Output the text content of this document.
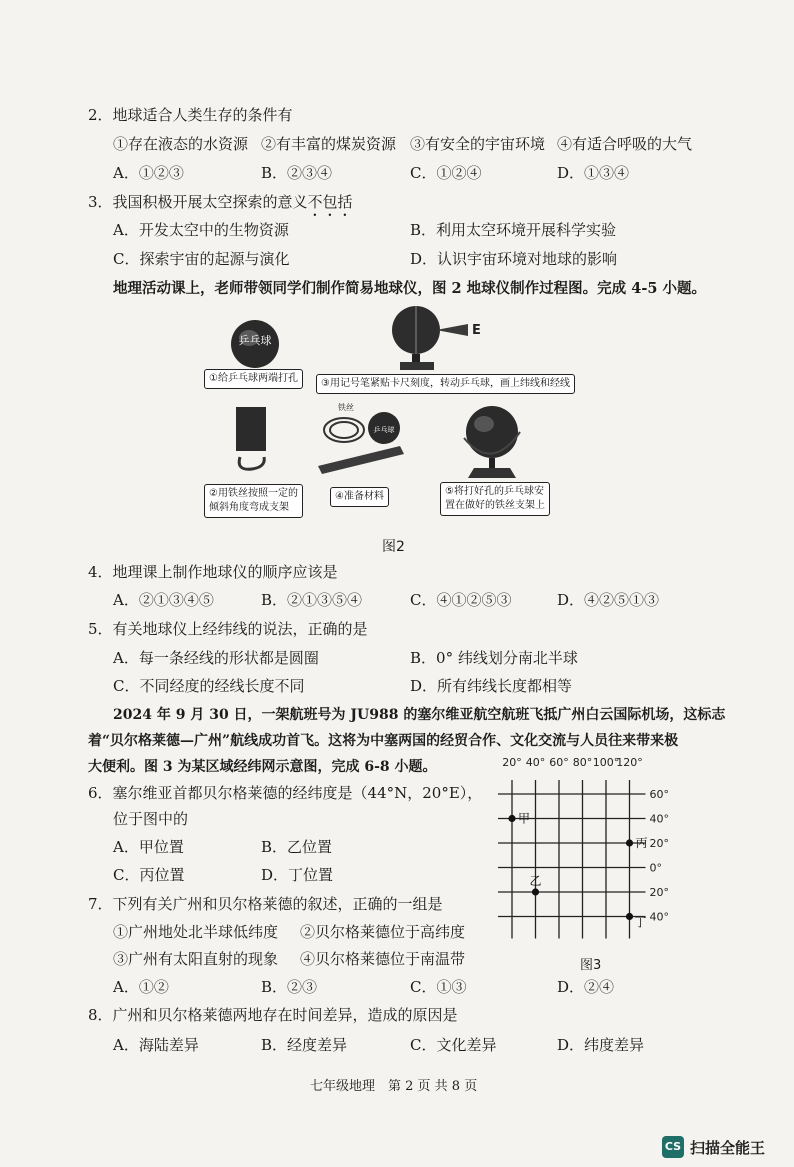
2．地球适合人类生存的条件有
①存在液态的水资源 ②有丰富的煤炭资源 ③有安全的宇宙环境 ④有适合呼吸的大气
A．①②③	B．②③④	C．①②④	D．①③④
3．我国积极开展太空探索的意义不包括
A．开发太空中的生物资源	B．利用太空环境开展科学实验
C．探索宇宙的起源与演化	D．认识宇宙环境对地球的影响
地理活动课上，老师带领同学们制作简易地球仪，图 2 地球仪制作过程图。完成 4-5 小题。
乒乓球
①给乒乓球两端打孔
Е
③用记号笔紧贴卡尺刻度，转动乒乓球，画上纬线和经线
②用铁丝按照一定的
倾斜角度弯成支架
铁丝
乒乓球
④准备材料	⑤将打好孔的乒乓球安
置在做好的铁丝支架上
图2
4．地理课上制作地球仪的顺序应该是
A．②①③④⑤	B．②①③⑤④	C．④①②⑤③	D．④②⑤①③
5．有关地球仪上经纬线的说法，正确的是
A．每一条经线的形状都是圆圈	B．0° 纬线划分南北半球
C．不同经度的经线长度不同	D．所有纬线长度都相等
2024 年 9 月 30 日，一架航班号为 JU988 的塞尔维亚航空航班飞抵广州白云国际机场，这标志
着“贝尔格莱德—广州”航线成功首飞。这将为中塞两国的经贸合作、文化交流与人员往来带来极
大便利。图 3 为某区域经纬网示意图，完成 6-8 小题。
6．塞尔维亚首都贝尔格莱德的经纬度是（44°N，20°E），
位于图中的
A．甲位置	B．乙位置
C．丙位置	D．丁位置
20° 40° 60° 80° 100°
120°
60°
40°
20°
0°
20°
40°
甲
乙
丙
丁
图3
7．下列有关广州和贝尔格莱德的叙述，正确的一组是
①广州地处北半球低纬度 ②贝尔格莱德位于高纬度
③广州有太阳直射的现象 ④贝尔格莱德位于南温带
A．①②	B．②③	C．①③	D．②④
8．广州和贝尔格莱德两地存在时间差异，造成的原因是
A．海陆差异	B．经度差异	C．文化差异	D．纬度差异
七年级地理　第 2 页 共 8 页
CS 扫描全能王
